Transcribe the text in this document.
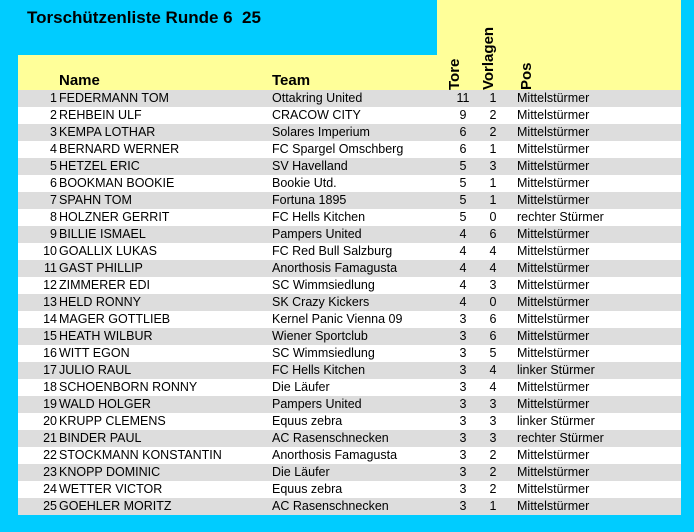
Torschützenliste Runde 6  25
Name	Team	Tore Vorlagen Pos
1 FEDERMANN TOM	Ottakring United	11	1	Mittelstürmer
2 REHBEIN ULF	CRACOW CITY	9	2	Mittelstürmer
3 KEMPA LOTHAR	Solares Imperium	6	2	Mittelstürmer
4 BERNARD WERNER	FC Spargel Omschberg	6	1	Mittelstürmer
5 HETZEL ERIC	SV Havelland	5	3	Mittelstürmer
6 BOOKMAN BOOKIE	Bookie Utd.	5	1	Mittelstürmer
7 SPAHN TOM	Fortuna 1895	5	1	Mittelstürmer
8 HOLZNER GERRIT	FC Hells Kitchen	5	0	rechter Stürmer
9 BILLIE ISMAEL	Pampers United	4	6	Mittelstürmer
10 GOALLIX LUKAS	FC Red Bull Salzburg	4	4	Mittelstürmer
11 GAST PHILLIP	Anorthosis Famagusta	4	4	Mittelstürmer
12 ZIMMERER EDI	SC Wimmsiedlung	4	3	Mittelstürmer
13 HELD RONNY	SK Crazy Kickers	4	0	Mittelstürmer
14 MAGER GOTTLIEB	Kernel Panic Vienna 09	3	6	Mittelstürmer
15 HEATH WILBUR	Wiener Sportclub	3	6	Mittelstürmer
16 WITT EGON	SC Wimmsiedlung	3	5	Mittelstürmer
17 JULIO RAUL	FC Hells Kitchen	3	4	linker Stürmer
18 SCHOENBORN RONNY	Die Läufer	3	4	Mittelstürmer
19 WALD HOLGER	Pampers United	3	3	Mittelstürmer
20 KRUPP CLEMENS	Equus zebra	3	3	linker Stürmer
21 BINDER PAUL	AC Rasenschnecken	3	3	rechter Stürmer
22 STOCKMANN KONSTANTIN	Anorthosis Famagusta	3	2	Mittelstürmer
23 KNOPP DOMINIC	Die Läufer	3	2	Mittelstürmer
24 WETTER VICTOR	Equus zebra	3	2	Mittelstürmer
25 GOEHLER MORITZ	AC Rasenschnecken	3	1	Mittelstürmer
